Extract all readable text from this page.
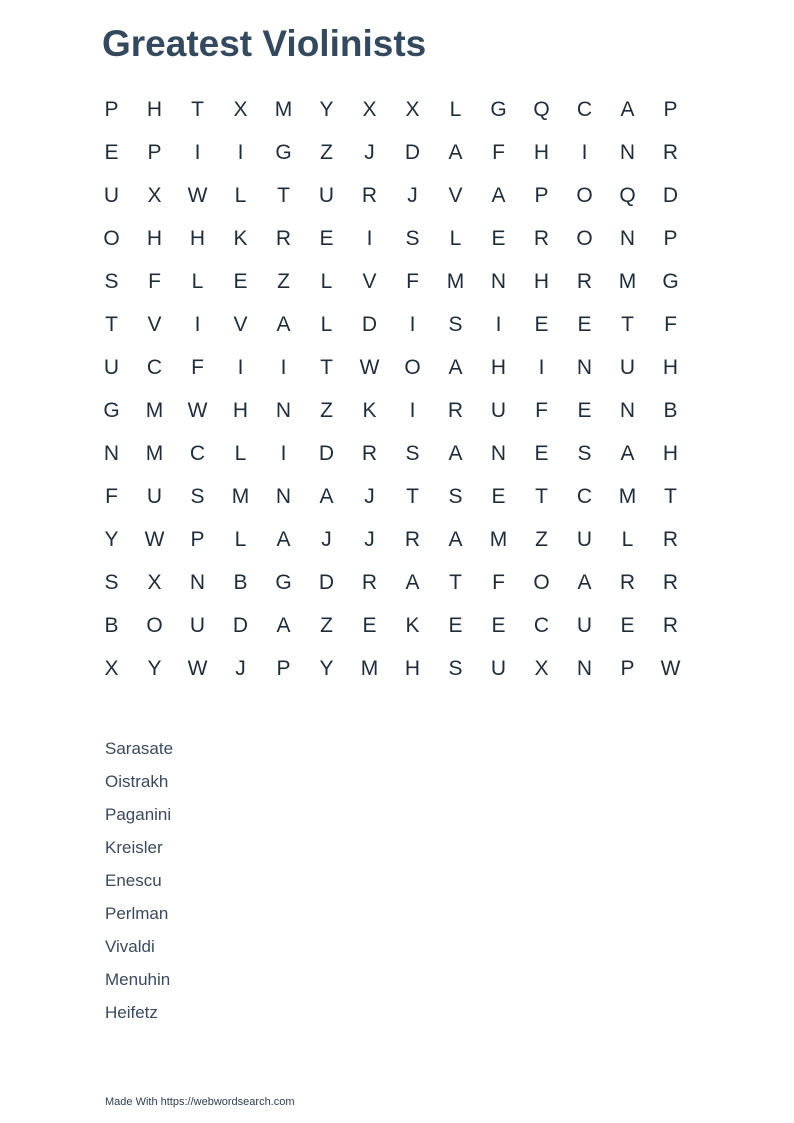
Greatest Violinists
P	H	T	X	M	Y	X	X	L	G	Q	C	A	P
E	P	I	I	G	Z	J	D	A	F	H	I	N	R
U	X	W	L	T	U	R	J	V	A	P	O	Q	D
O	H	H	K	R	E	I	S	L	E	R	O	N	P
S	F	L	E	Z	L	V	F	M	N	H	R	M	G
T	V	I	V	A	L	D	I	S	I	E	E	T	F
U	C	F	I	I	T	W	O	A	H	I	N	U	H
G	M	W	H	N	Z	K	I	R	U	F	E	N	B
N	M	C	L	I	D	R	S	A	N	E	S	A	H
F	U	S	M	N	A	J	T	S	E	T	C	M	T
Y	W	P	L	A	J	J	R	A	M	Z	U	L	R
S	X	N	B	G	D	R	A	T	F	O	A	R	R
B	O	U	D	A	Z	E	K	E	E	C	U	E	R
X	Y	W	J	P	Y	M	H	S	U	X	N	P	W
Sarasate
Oistrakh
Paganini
Kreisler
Enescu
Perlman
Vivaldi
Menuhin
Heifetz
Made With https://webwordsearch.com
